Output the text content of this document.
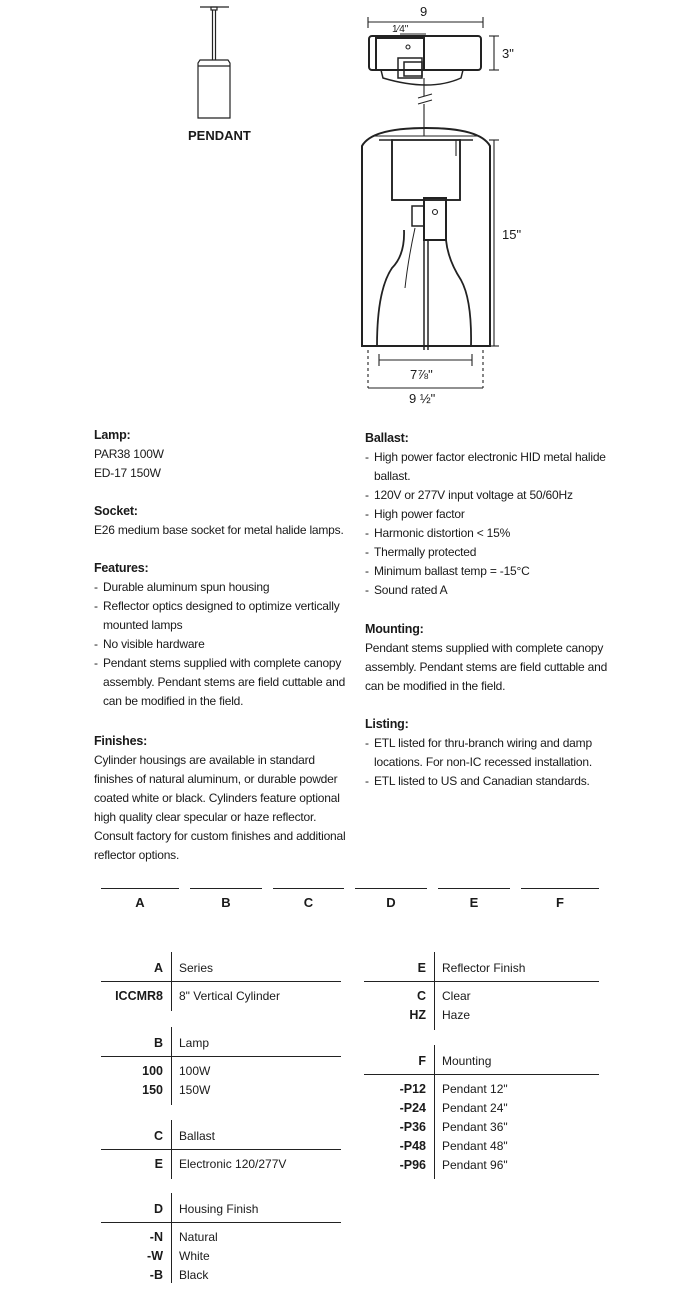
PENDANT
9
1⁄4"
3"
15"
7⅞"
9 ½"
Lamp:
PAR38 100W
ED-17 150W
Socket:
E26 medium base socket for metal halide lamps.
Features:
- Durable aluminum spun housing
- Reflector optics designed to optimize vertically mounted lamps
- No visible hardware
- Pendant stems supplied with complete canopy assembly. Pendant stems are field cuttable and can be modified in the field.
Finishes:
Cylinder housings are available in standard finishes of natural aluminum, or durable powder coated white or black. Cylinders feature optional high quality clear specular or haze reflector. Consult factory for custom finishes and additional reflector options.
Ballast:
- High power factor electronic HID metal halide ballast.
- 120V or 277V input voltage at 50/60Hz
- High power factor
- Harmonic distortion < 15%
- Thermally protected
- Minimum ballast temp = -15°C
- Sound rated A
Mounting:
Pendant stems supplied with complete canopy assembly. Pendant stems are field cuttable and can be modified in the field.
Listing:
- ETL listed for thru-branch wiring and damp locations. For non-IC recessed installation.
- ETL listed to US and Canadian standards.
A	B	C	D	E	F
A Series
ICCMR8 8" Vertical Cylinder
B Lamp
100 100W
150 150W
C Ballast
E Electronic 120/277V
D Housing Finish
-N Natural
-W White
-B Black
E Reflector Finish
C Clear
HZ Haze
F Mounting
-P12 Pendant 12"
-P24 Pendant 24"
-P36 Pendant 36"
-P48 Pendant 48"
-P96 Pendant 96"
